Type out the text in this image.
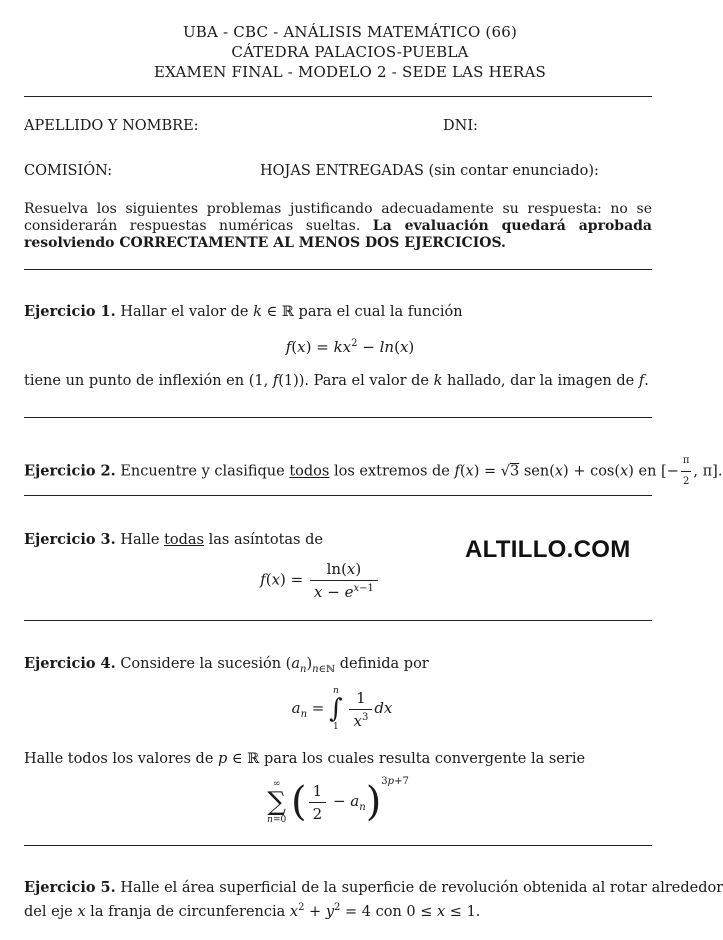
UBA - CBC - ANÁLISIS MATEMÁTICO (66)
CÁTEDRA PALACIOS-PUEBLA
EXAMEN FINAL - MODELO 2 - SEDE LAS HERAS
APELLIDO Y NOMBRE:	DNI:
COMISIÓN:	HOJAS ENTREGADAS (sin contar enunciado):
Resuelva los siguientes problemas justificando adecuadamente su respuesta: no se considerarán respuestas numéricas sueltas. La evaluación quedará aprobada resolviendo CORRECTAMENTE AL MENOS DOS EJERCICIOS.
Ejercicio 1. Hallar el valor de k ∈ ℝ para el cual la función
$f(x) = kx^2 - \ln(x)$
tiene un punto de inflexión en (1, f(1)). Para el valor de k hallado, dar la imagen de f.
Ejercicio 2. Encuentre y clasifique todos los extremos de f(x) = √3 sen(x) + cos(x) en [− $\frac{\pi}{2}$ , π].
Ejercicio 3. Halle todas las asíntotas de
$f(x) = \frac{\ln(x)}{x - e^{x-1}}$
ALTILLO.COM
Ejercicio 4. Considere la sucesión $(a_n)_{n\in ℕ}$ definida por
$a_n$ =
n
∫
1
$\frac{1}{x^3}$ dx
Halle todos los valores de p ∈ ℝ para los cuales resulta convergente la serie
∞
∑
n=0 ( $\frac{1}{2} - a_n)^{3p+7}$
Ejercicio 5. Halle el área superficial de la superficie de revolución obtenida al rotar alrededor
del eje x la franja de circunferencia $x^2 + y^2 = 4$ con 0 ≤ x ≤ 1.
